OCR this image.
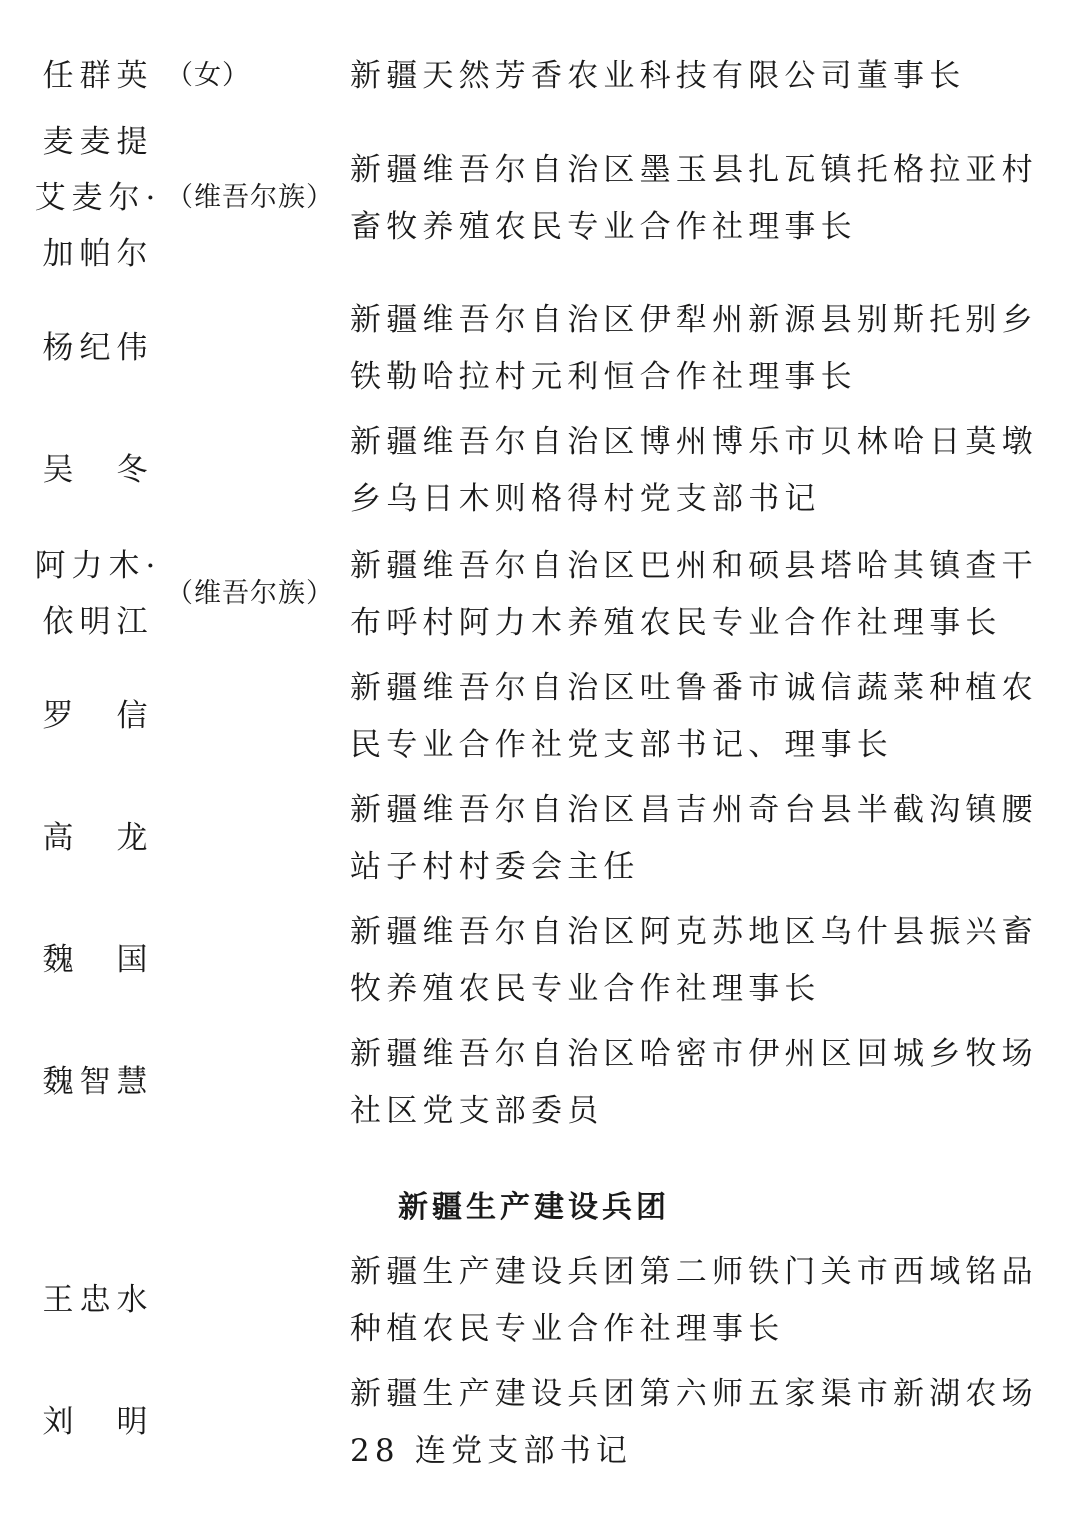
任群英 （女）	新疆天然芳香农业科技有限公司董事长
麦麦提
艾麦尔·
加帕尔
（维吾尔族）
新疆维吾尔自治区墨玉县扎瓦镇托格拉亚村
畜牧养殖农民专业合作社理事长
杨纪伟
新疆维吾尔自治区伊犁州新源县别斯托别乡
铁勒哈拉村元利恒合作社理事长
吴　冬
新疆维吾尔自治区博州博乐市贝林哈日莫墩
乡乌日木则格得村党支部书记
阿力木·
依明江
（维吾尔族）
新疆维吾尔自治区巴州和硕县塔哈其镇查干
布呼村阿力木养殖农民专业合作社理事长
罗　信
新疆维吾尔自治区吐鲁番市诚信蔬菜种植农
民专业合作社党支部书记、理事长
高　龙
新疆维吾尔自治区昌吉州奇台县半截沟镇腰
站子村村委会主任
魏　国
新疆维吾尔自治区阿克苏地区乌什县振兴畜
牧养殖农民专业合作社理事长
魏智慧
新疆维吾尔自治区哈密市伊州区回城乡牧场
社区党支部委员
新疆生产建设兵团
王忠水
新疆生产建设兵团第二师铁门关市西域铭品
种植农民专业合作社理事长
刘　明
新疆生产建设兵团第六师五家渠市新湖农场
28 连党支部书记
